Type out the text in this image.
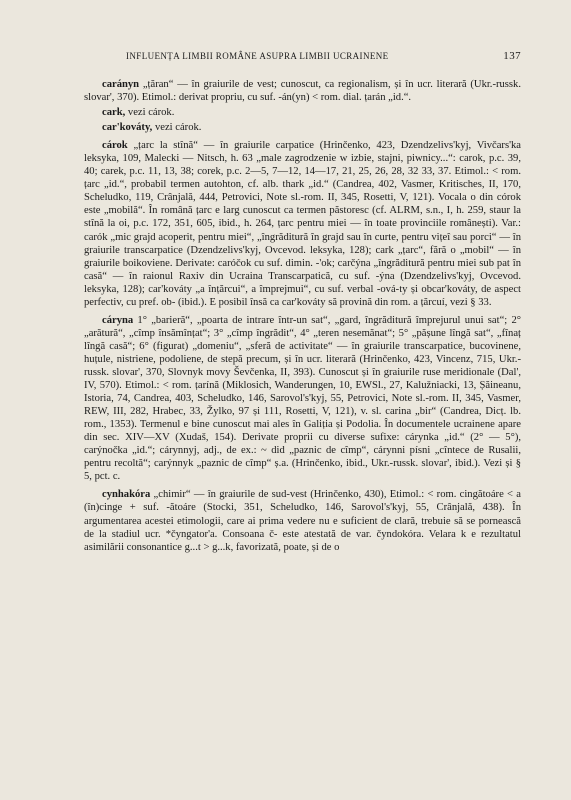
INFLUENȚA LIMBII ROMÂNE ASUPRA LIMBII UCRAINENE	137

carányn „țăran“ — în graiurile de vest; cunoscut, ca regionalism, și în ucr. literară (Ukr.-russk. slovar', 370). Etimol.: derivat propriu, cu suf. -án(yn) < rom. dial. țarán „id.“.

cark, vezi cárok.

car'kováty, vezi cárok.

cárok „țarc la stînă“ — în graiurile carpatice (Hrinčenko, 423, Dzendzelivs'kyj, Vivčars'ka leksyka, 109, Malecki — Nitsch, h. 63 „male zagrodzenie w izbie, stajni, piwnicy...“: carok, p.c. 39, 40; carek, p.c. 11, 13, 38; corek, p.c. 2—5, 7—12, 14—17, 21, 25, 26, 28, 32 33, 37. Etimol.: < rom. țarc „id.“, probabil termen autohton, cf. alb. thark „id.“ (Candrea, 402, Vasmer, Kritisches, II, 170, Scheludko, 119, Crânjală, 444, Petrovici, Note sl.-rom. II, 345, Rosetti, V, 121). Vocala o din córok este „mobilă“. În română țarc e larg cunoscut ca termen păstoresc (cf. ALRM, s.n., I, h. 259, staur la stînă la oi, p.c. 172, 351, 605, ibid., h. 264, țarc pentru miei — în toate provinciile românești). Var.: carók „mic grajd acoperit, pentru miei“, „îngrăditură în grajd sau în curte, pentru vițeî sau porci“ — în graiurile transcarpatice (Dzendzelivs'kyj, Ovcevod. leksyka, 128); cark „țarc“, fără o „mobil“ — în graiurile boikoviene. Derivate: caróčok cu suf. dimin. -'ok; carčýna „îngrăditură pentru miei sub pat în casă“ — în raionul Raxiv din Ucraina Transcarpatică, cu suf. -ýna (Dzendzelivs'kyj, Ovcevod. leksyka, 128); car'kováty „a înțărcui“, a împrejmui“, cu suf. verbal -ová-ty și obcar'kováty, de aspect perfectiv, cu pref. ob- (ibid.). E posibil însă ca car'kováty să provină din rom. a țărcuí, vezi § 33.

cáryna 1° „barieră“, „poarta de intrare într-un sat“, „gard, îngrăditură împrejurul unui sat“; 2° „arătură“, „cîmp însămînțat“; 3° „cîmp îngrădit“, 4° „teren nesemănat“; 5° „pășune lîngă sat“, „fînaț lîngă casă“; 6° (figurat) „domeniu“, „sferă de activitate“ — în graiurile transcarpatice, bucovinene, huțule, nistriene, podoliene, de stepă precum, și în ucr. literară (Hrinčenko, 423, Vincenz, 715, Ukr.-russk. slovar', 370, Slovnyk movy Ševčenka, II, 393). Cunoscut și în graiurile ruse meridionale (Dal', IV, 570). Etimol.: < rom. țarínă (Miklosich, Wanderungen, 10, EWSl., 27, Kalužniacki, 13, Șăineanu, Istoria, 74, Candrea, 403, Scheludko, 146, Sarovol's'kyj, 55, Petrovici, Note sl.-rom. II, 345, Vasmer, REW, III, 282, Hrabec, 33, Žylko, 97 și 111, Rosetti, V, 121), v. sl. carina „bir“ (Candrea, Dicț. lb. rom., 1353). Termenul e bine cunoscut mai ales în Galiția și Podolia. În documentele ucrainene apare din sec. XIV—XV (Xudaš, 154). Derivate proprii cu diverse sufixe: cárynka „id.“ (2° — 5°), carýnočka „id.“; cárynnyj, adj., de ex.: ~ did „paznic de cîmp“, cárynni písni „cîntece de Rusalii, pentru recoltă“; carýnnyk „paznic de cîmp“ ș.a. (Hrinčenko, ibid., Ukr.-russk. slovar', ibid.). Vezi și § 5, pct. c.

cynhakóra „chimir“ — în graiurile de sud-vest (Hrinčenko, 430), Etimol.: < rom. cingătoáre < a (în)cinge + suf. -ătoáre (Stocki, 351, Scheludko, 146, Sarovol's'kyj, 55, Crânjală, 438). În argumentarea acestei etimologii, care ai prima vedere nu e suficient de clară, trebuie să se pornească de la stadiul ucr. *čyngator'a. Consoana č- este atestată de var. čyndokóra. Velara k e rezultatul asimilării consonantice g...t > g...k, favorizată, poate, și de o
